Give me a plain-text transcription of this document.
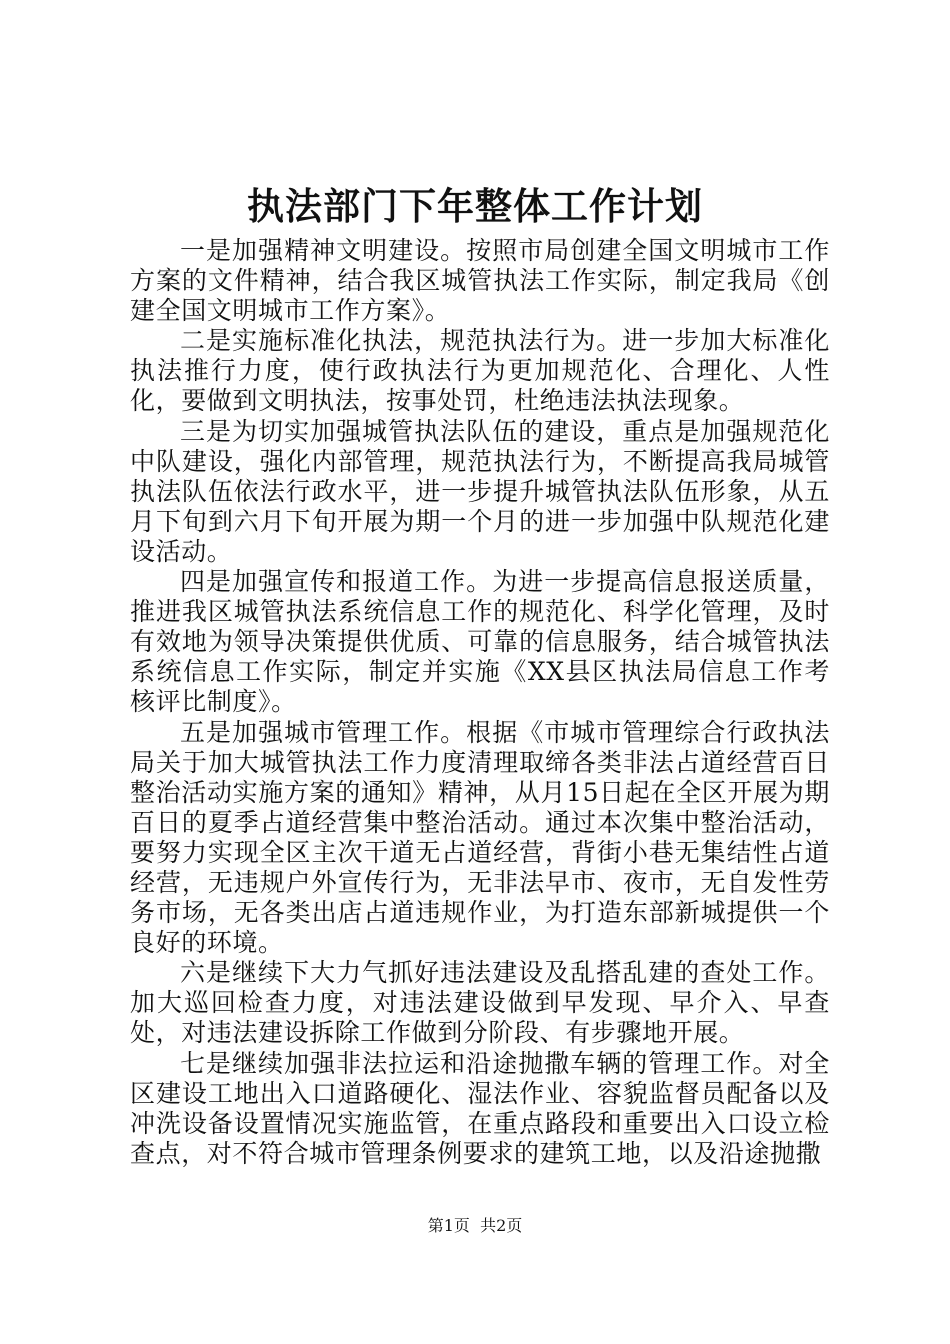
执法部门下年整体工作计划

一是加强精神文明建设。按照市局创建全国文明城市工作方案的文件精神，结合我区城管执法工作实际，制定我局《创建全国文明城市工作方案》。

二是实施标准化执法，规范执法行为。进一步加大标准化执法推行力度，使行政执法行为更加规范化、合理化、人性化，要做到文明执法，按事处罚，杜绝违法执法现象。

三是为切实加强城管执法队伍的建设，重点是加强规范化中队建设，强化内部管理，规范执法行为，不断提高我局城管执法队伍依法行政水平，进一步提升城管执法队伍形象，从五月下旬到六月下旬开展为期一个月的进一步加强中队规范化建设活动。

四是加强宣传和报道工作。为进一步提高信息报送质量，推进我区城管执法系统信息工作的规范化、科学化管理，及时有效地为领导决策提供优质、可靠的信息服务，结合城管执法系统信息工作实际，制定并实施《XX县区执法局信息工作考核评比制度》。

五是加强城市管理工作。根据《市城市管理综合行政执法局关于加大城管执法工作力度清理取缔各类非法占道经营百日整治活动实施方案的通知》精神，从月15日起在全区开展为期百日的夏季占道经营集中整治活动。通过本次集中整治活动，要努力实现全区主次干道无占道经营，背街小巷无集结性占道经营，无违规户外宣传行为，无非法早市、夜市，无自发性劳务市场，无各类出店占道违规作业，为打造东部新城提供一个良好的环境。

六是继续下大力气抓好违法建设及乱搭乱建的查处工作。加大巡回检查力度，对违法建设做到早发现、早介入、早查处，对违法建设拆除工作做到分阶段、有步骤地开展。

七是继续加强非法拉运和沿途抛撒车辆的管理工作。对全区建设工地出入口道路硬化、湿法作业、容貌监督员配备以及冲洗设备设置情况实施监管，在重点路段和重要出入口设立检查点，对不符合城市管理条例要求的建筑工地，以及沿途抛撒

第1页  共2页
